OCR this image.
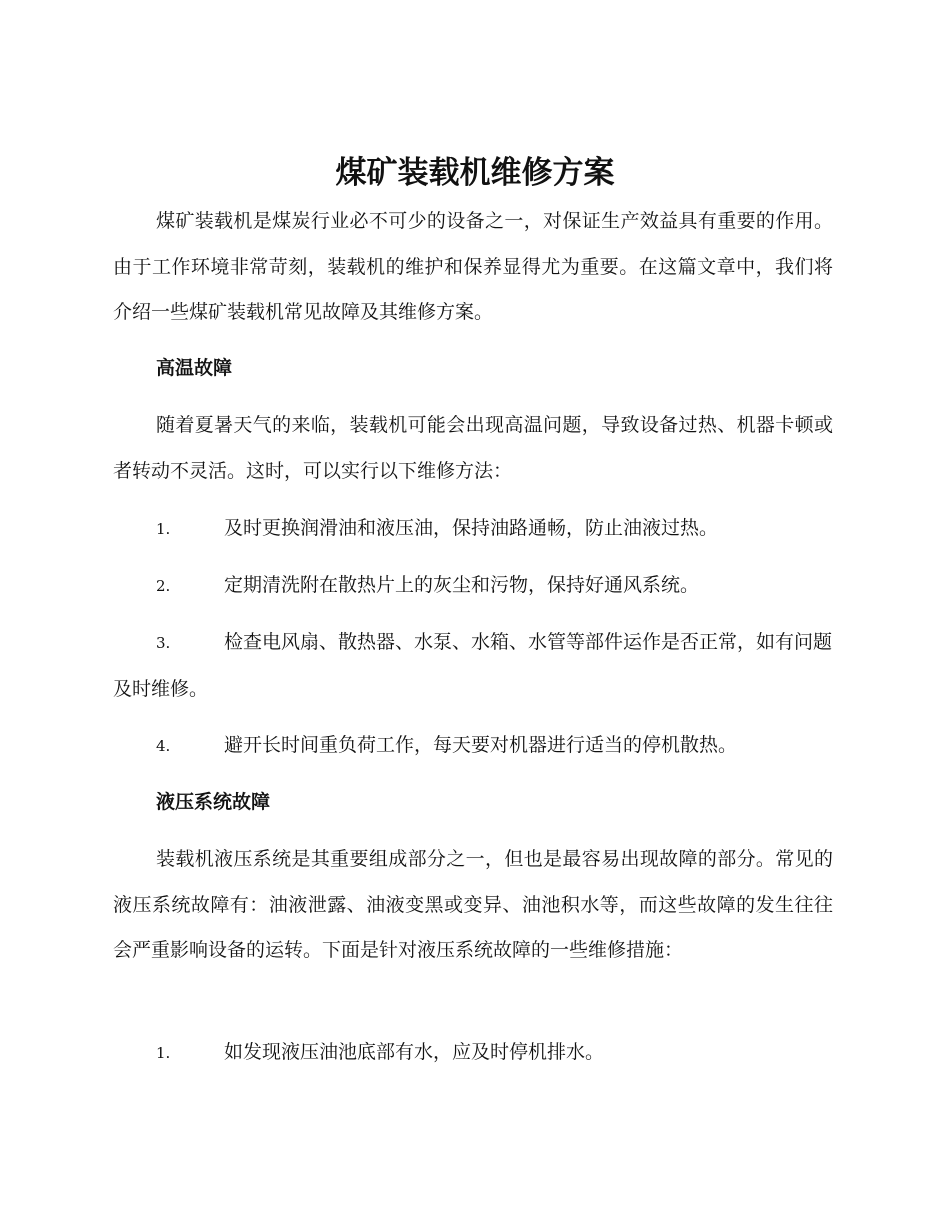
煤矿装载机维修方案
煤矿装载机是煤炭行业必不可少的设备之一，对保证生产效益具有重要的作用。由于工作环境非常苛刻，装载机的维护和保养显得尤为重要。在这篇文章中，我们将介绍一些煤矿装载机常见故障及其维修方案。
高温故障
随着夏暑天气的来临，装载机可能会出现高温问题，导致设备过热、机器卡顿或者转动不灵活。这时，可以实行以下维修方法：
1.	及时更换润滑油和液压油，保持油路通畅，防止油液过热。
2.	定期清洗附在散热片上的灰尘和污物，保持好通风系统。
3.	检查电风扇、散热器、水泵、水箱、水管等部件运作是否正常，如有问题及时维修。
4.	避开长时间重负荷工作，每天要对机器进行适当的停机散热。
液压系统故障
装载机液压系统是其重要组成部分之一，但也是最容易出现故障的部分。常见的液压系统故障有：油液泄露、油液变黑或变异、油池积水等，而这些故障的发生往往会严重影响设备的运转。下面是针对液压系统故障的一些维修措施：
1.	如发现液压油池底部有水，应及时停机排水。
